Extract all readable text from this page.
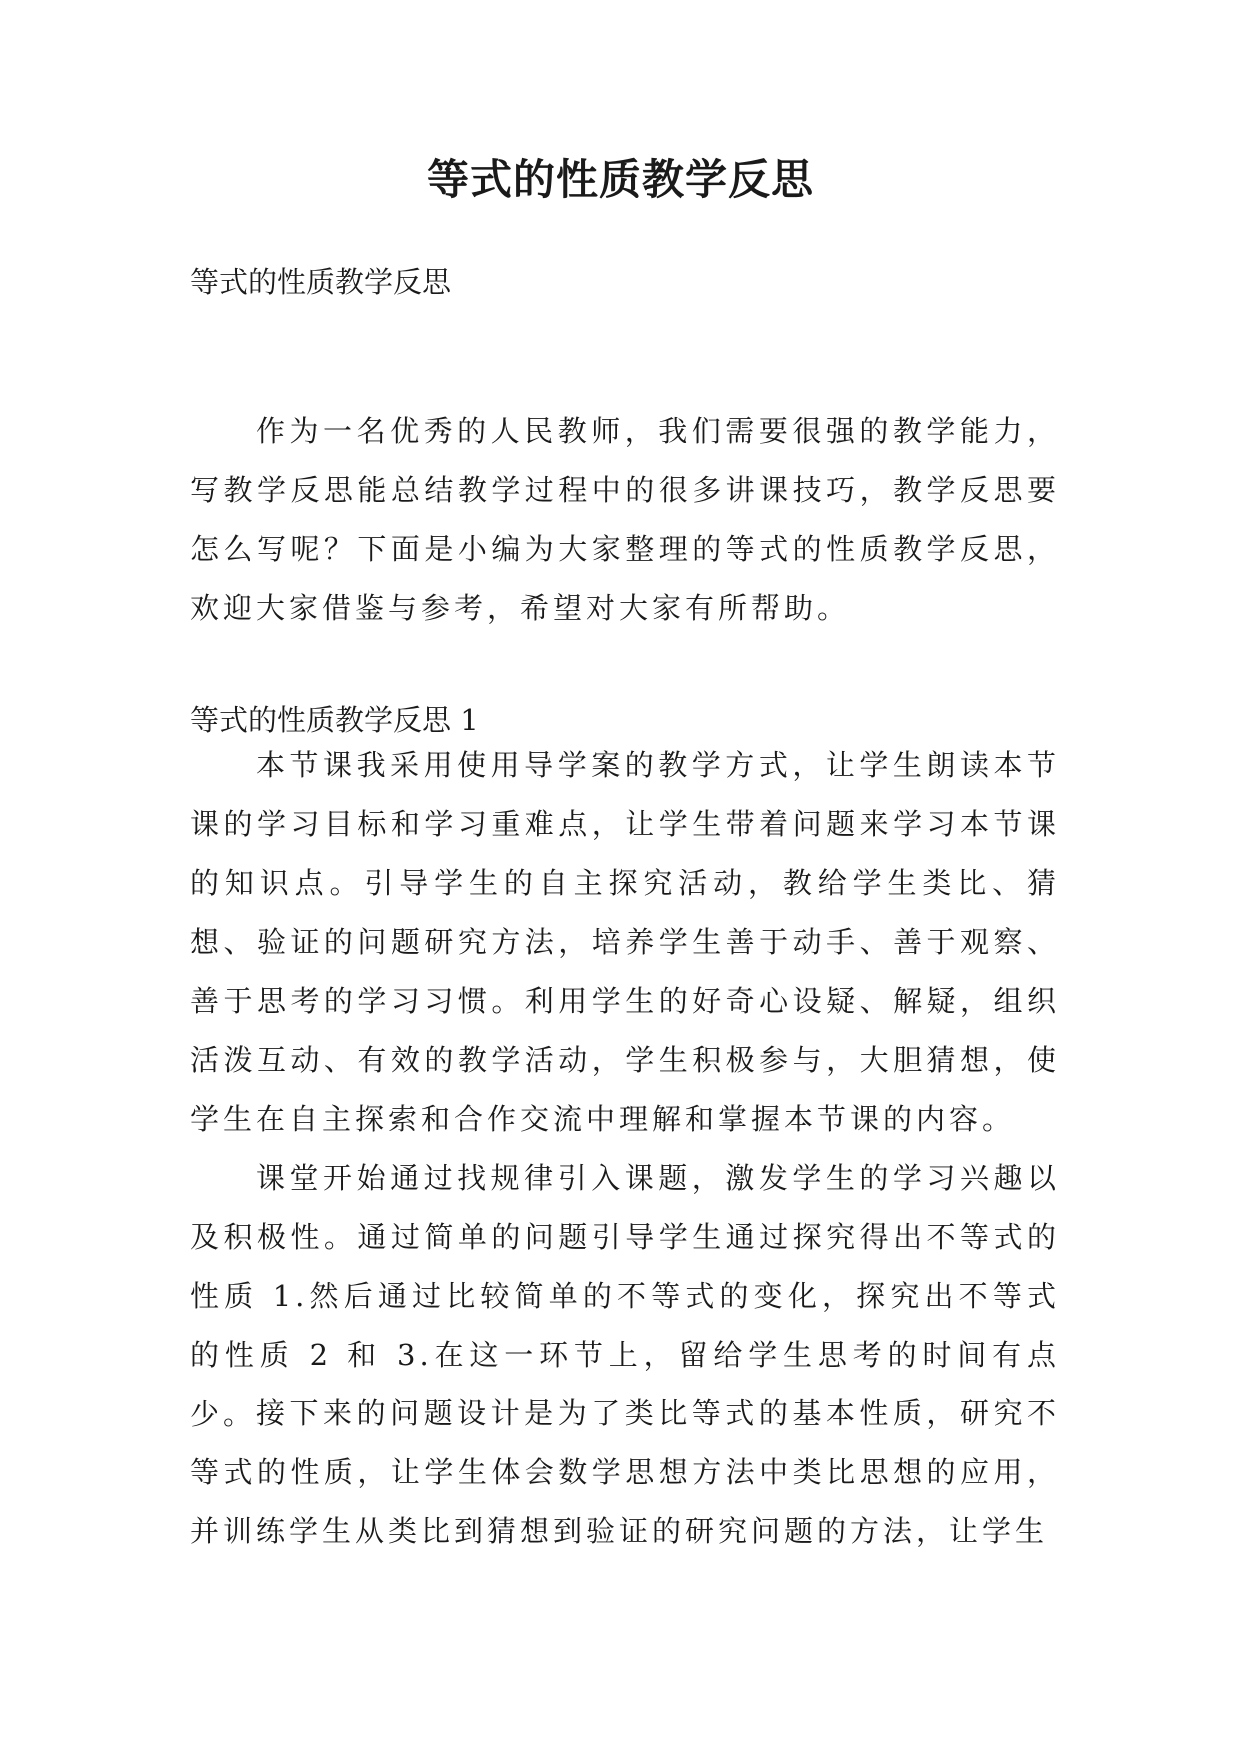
等式的性质教学反思

等式的性质教学反思

作为一名优秀的人民教师，我们需要很强的教学能力，写教学反思能总结教学过程中的很多讲课技巧，教学反思要怎么写呢？下面是小编为大家整理的等式的性质教学反思，欢迎大家借鉴与参考，希望对大家有所帮助。

等式的性质教学反思 1

本节课我采用使用导学案的教学方式，让学生朗读本节课的学习目标和学习重难点，让学生带着问题来学习本节课的知识点。引导学生的自主探究活动，教给学生类比、猜想、验证的问题研究方法，培养学生善于动手、善于观察、善于思考的学习习惯。利用学生的好奇心设疑、解疑，组织活泼互动、有效的教学活动，学生积极参与，大胆猜想，使学生在自主探索和合作交流中理解和掌握本节课的内容。

课堂开始通过找规律引入课题，激发学生的学习兴趣以及积极性。通过简单的问题引导学生通过探究得出不等式的性质 1.然后通过比较简单的不等式的变化，探究出不等式的性质 2 和 3.在这一环节上，留给学生思考的时间有点少。 接下来的问题设计是为了类比等式的基本性质，研究不等式的性质，让学生体会数学思想方法中类比思想的应用，并训练学生从类比到猜想到验证的研究问题的方法，让学生
